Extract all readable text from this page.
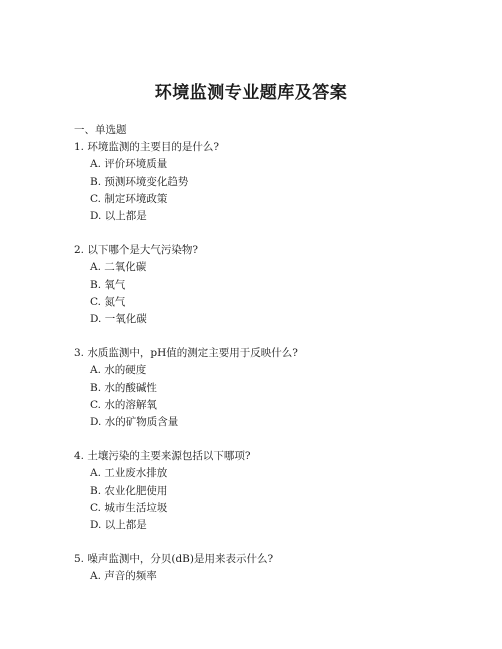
环境监测专业题库及答案

一、单选题

1. 环境监测的主要目的是什么?
A. 评价环境质量
B. 预测环境变化趋势
C. 制定环境政策
D. 以上都是
2. 以下哪个是大气污染物?
A. 二氧化碳
B. 氧气
C. 氮气
D. 一氧化碳
3. 水质监测中，pH值的测定主要用于反映什么?
A. 水的硬度
B. 水的酸碱性
C. 水的溶解氧
D. 水的矿物质含量
4. 土壤污染的主要来源包括以下哪项?
A. 工业废水排放
B. 农业化肥使用
C. 城市生活垃圾
D. 以上都是
5. 噪声监测中，分贝(dB)是用来表示什么?
A. 声音的频率
